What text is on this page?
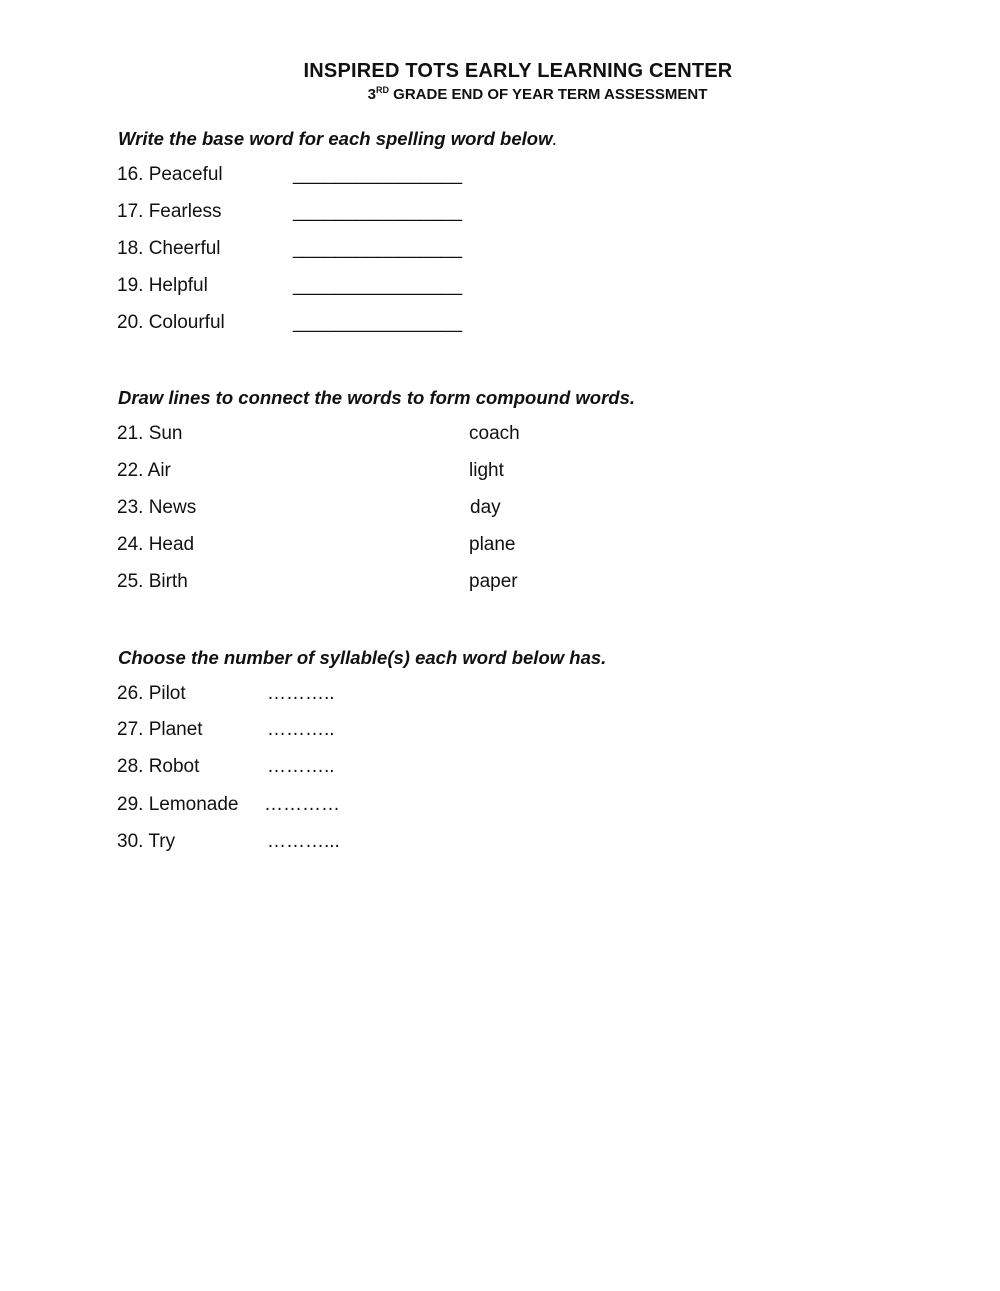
INSPIRED TOTS EARLY LEARNING CENTER
3RD GRADE END OF YEAR TERM ASSESSMENT
Write the base word for each spelling word below.
16. Peaceful	________________
17. Fearless	________________
18. Cheerful	________________
19. Helpful	________________
20. Colourful	________________
Draw lines to connect the words to form compound words.
21. Sun	coach
22. Air	light
23. News	day
24. Head	plane
25. Birth	paper
Choose the number of syllable(s) each word below has.
26. Pilot	………..
27. Planet	………..
28. Robot	………..
29. Lemonade …………
30. Try	………...
